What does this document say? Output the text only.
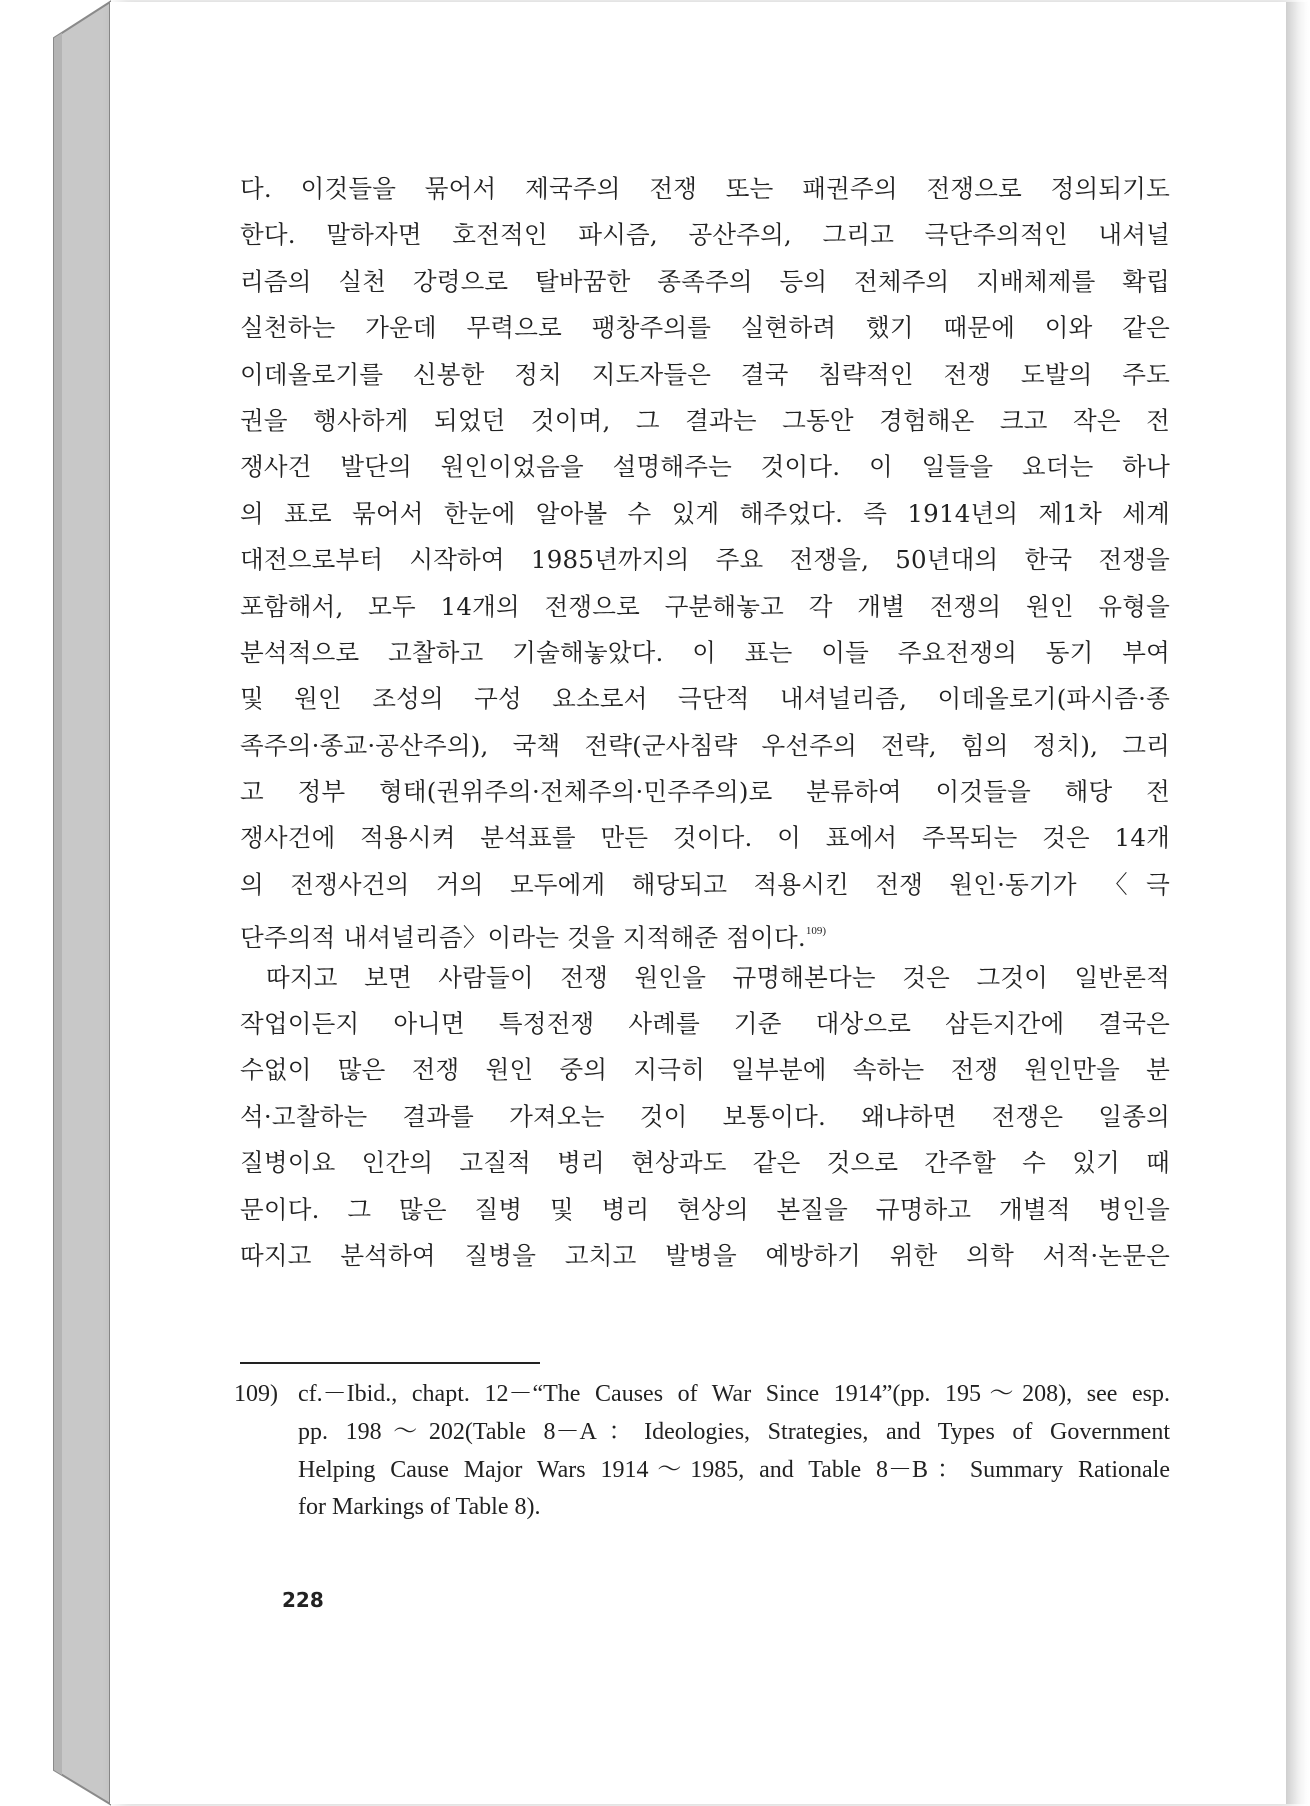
다. 이것들을 묶어서 제국주의 전쟁 또는 패권주의 전쟁으로 정의되기도
한다. 말하자면 호전적인 파시즘, 공산주의, 그리고 극단주의적인 내셔널
리즘의 실천 강령으로 탈바꿈한 종족주의 등의 전체주의 지배체제를 확립
실천하는 가운데 무력으로 팽창주의를 실현하려 했기 때문에 이와 같은
이데올로기를 신봉한 정치 지도자들은 결국 침략적인 전쟁 도발의 주도
권을 행사하게 되었던 것이며, 그 결과는 그동안 경험해온 크고 작은 전
쟁사건 발단의 원인이었음을 설명해주는 것이다. 이 일들을 요더는 하나
의 표로 묶어서 한눈에 알아볼 수 있게 해주었다. 즉 1914년의 제1차 세계
대전으로부터 시작하여 1985년까지의 주요 전쟁을, 50년대의 한국 전쟁을
포함해서, 모두 14개의 전쟁으로 구분해놓고 각 개별 전쟁의 원인 유형을
분석적으로 고찰하고 기술해놓았다. 이 표는 이들 주요전쟁의 동기 부여
및 원인 조성의 구성 요소로서 극단적 내셔널리즘, 이데올로기(파시즘·종
족주의·종교·공산주의), 국책 전략(군사침략 우선주의 전략, 힘의 정치), 그리
고 정부 형태(권위주의·전체주의·민주주의)로 분류하여 이것들을 해당 전
쟁사건에 적용시켜 분석표를 만든 것이다. 이 표에서 주목되는 것은 14개
의 전쟁사건의 거의 모두에게 해당되고 적용시킨 전쟁 원인·동기가 〈극
단주의적 내셔널리즘〉이라는 것을 지적해준 점이다.$^{109)}$
따지고 보면 사람들이 전쟁 원인을 규명해본다는 것은 그것이 일반론적
작업이든지 아니면 특정전쟁 사례를 기준 대상으로 삼든지간에 결국은
수없이 많은 전쟁 원인 중의 지극히 일부분에 속하는 전쟁 원인만을 분
석·고찰하는 결과를 가져오는 것이 보통이다. 왜냐하면 전쟁은 일종의
질병이요 인간의 고질적 병리 현상과도 같은 것으로 간주할 수 있기 때
문이다. 그 많은 질병 및 병리 현상의 본질을 규명하고 개별적 병인을
따지고 분석하여 질병을 고치고 발병을 예방하기 위한 의학 서적·논문은
109) cf.－Ibid., chapt. 12－“The Causes of War Since 1914”(pp. 195～208), see esp.
pp. 198～202(Table 8－A：Ideologies, Strategies, and Types of Government
Helping Cause Major Wars 1914～1985, and Table 8－B：Summary Rationale
for Markings of Table 8).
228
